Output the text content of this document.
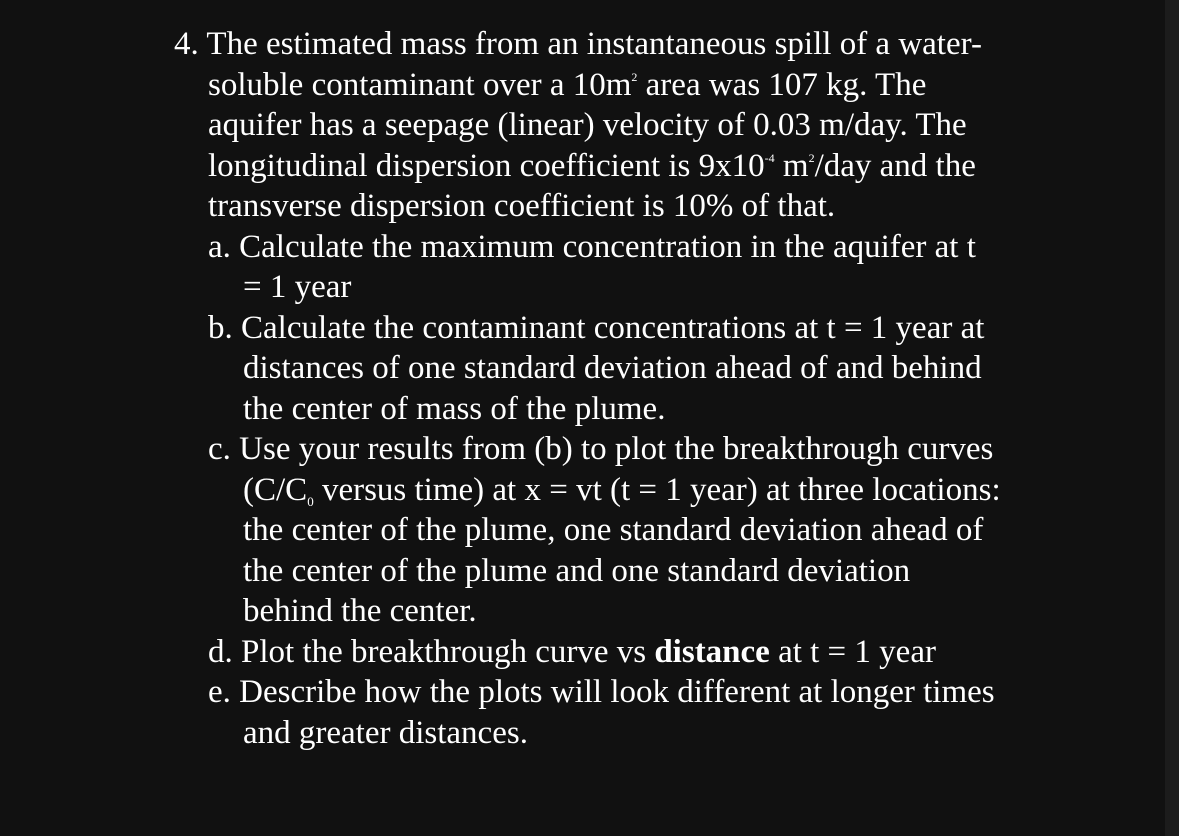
4. The estimated mass from an instantaneous spill of a water-
soluble contaminant over a $10m^2$ area was 107 kg. The
aquifer has a seepage (linear) velocity of 0.03 m/day. The
longitudinal dispersion coefficient is $9x10^{-4}$ $m^2$/day and the
transverse dispersion coefficient is 10% of that.
a. Calculate the maximum concentration in the aquifer at t
= 1 year
b. Calculate the contaminant concentrations at t = 1 year at
distances of one standard deviation ahead of and behind
the center of mass of the plume.
c. Use your results from (b) to plot the breakthrough curves
($C/C_0$ versus time) at x = vt (t = 1 year) at three locations:
the center of the plume, one standard deviation ahead of
the center of the plume and one standard deviation
behind the center.
d. Plot the breakthrough curve vs distance at t = 1 year
e. Describe how the plots will look different at longer times
and greater distances.
